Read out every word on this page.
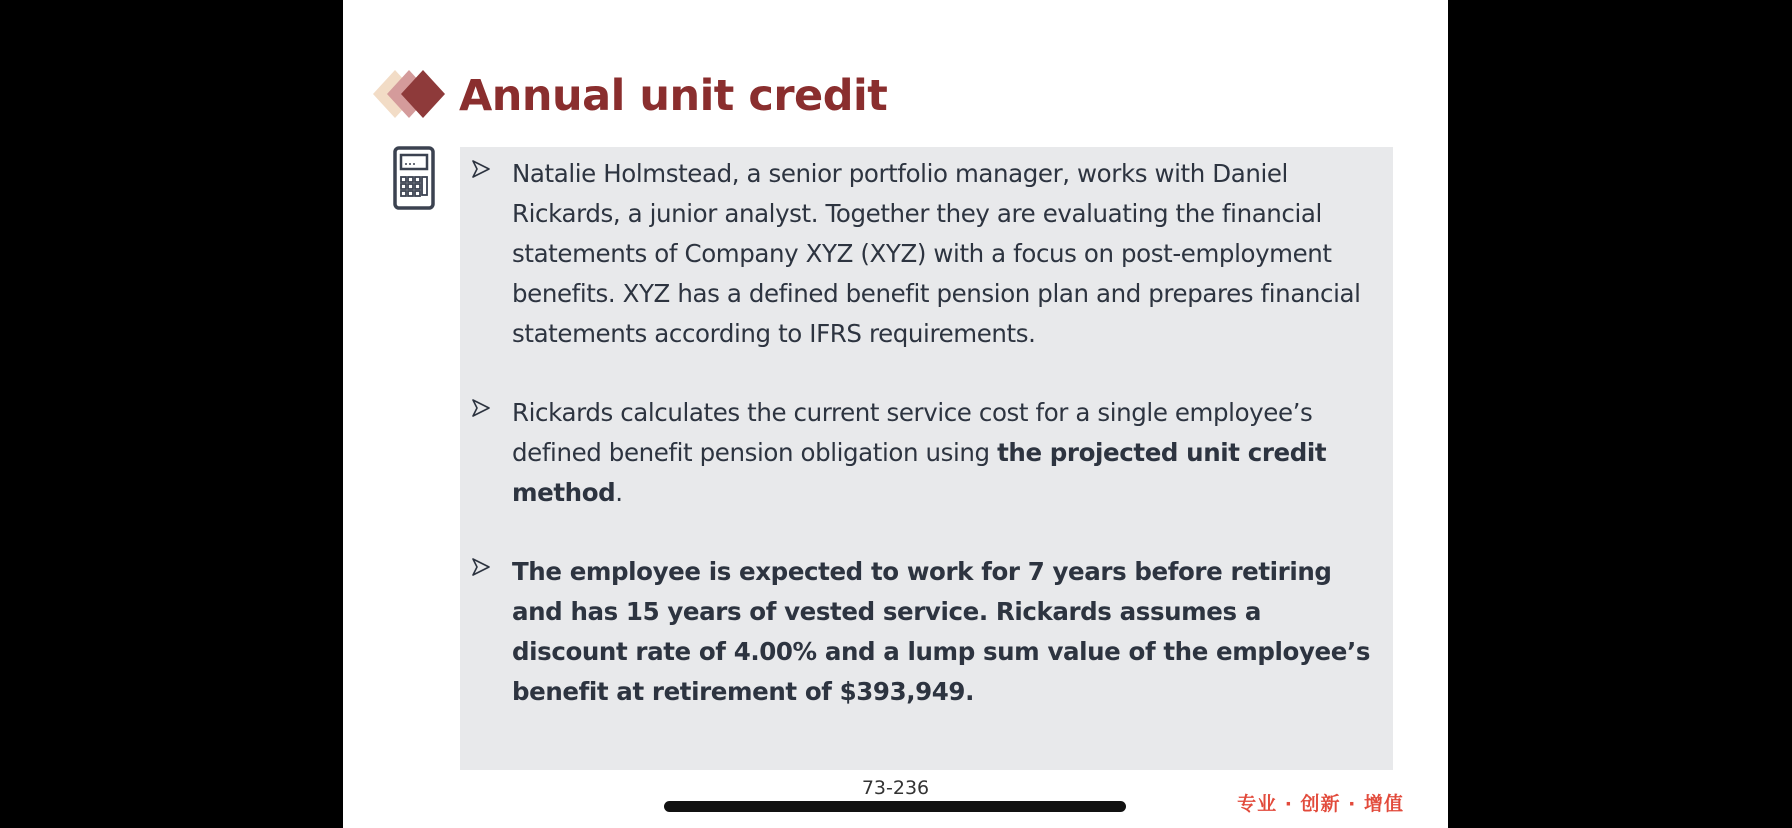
Annual unit credit

Natalie Holmstead, a senior portfolio manager, works with Daniel Rickards, a junior analyst. Together they are evaluating the financial statements of Company XYZ (XYZ) with a focus on post-employment benefits. XYZ has a defined benefit pension plan and prepares financial statements according to IFRS requirements.

Rickards calculates the current service cost for a single employee’s defined benefit pension obligation using the projected unit credit method.

The employee is expected to work for 7 years before retiring and has 15 years of vested service. Rickards assumes a discount rate of 4.00% and a lump sum value of the employee’s benefit at retirement of $393,949.

73-236
专业 · 创新 · 增值
